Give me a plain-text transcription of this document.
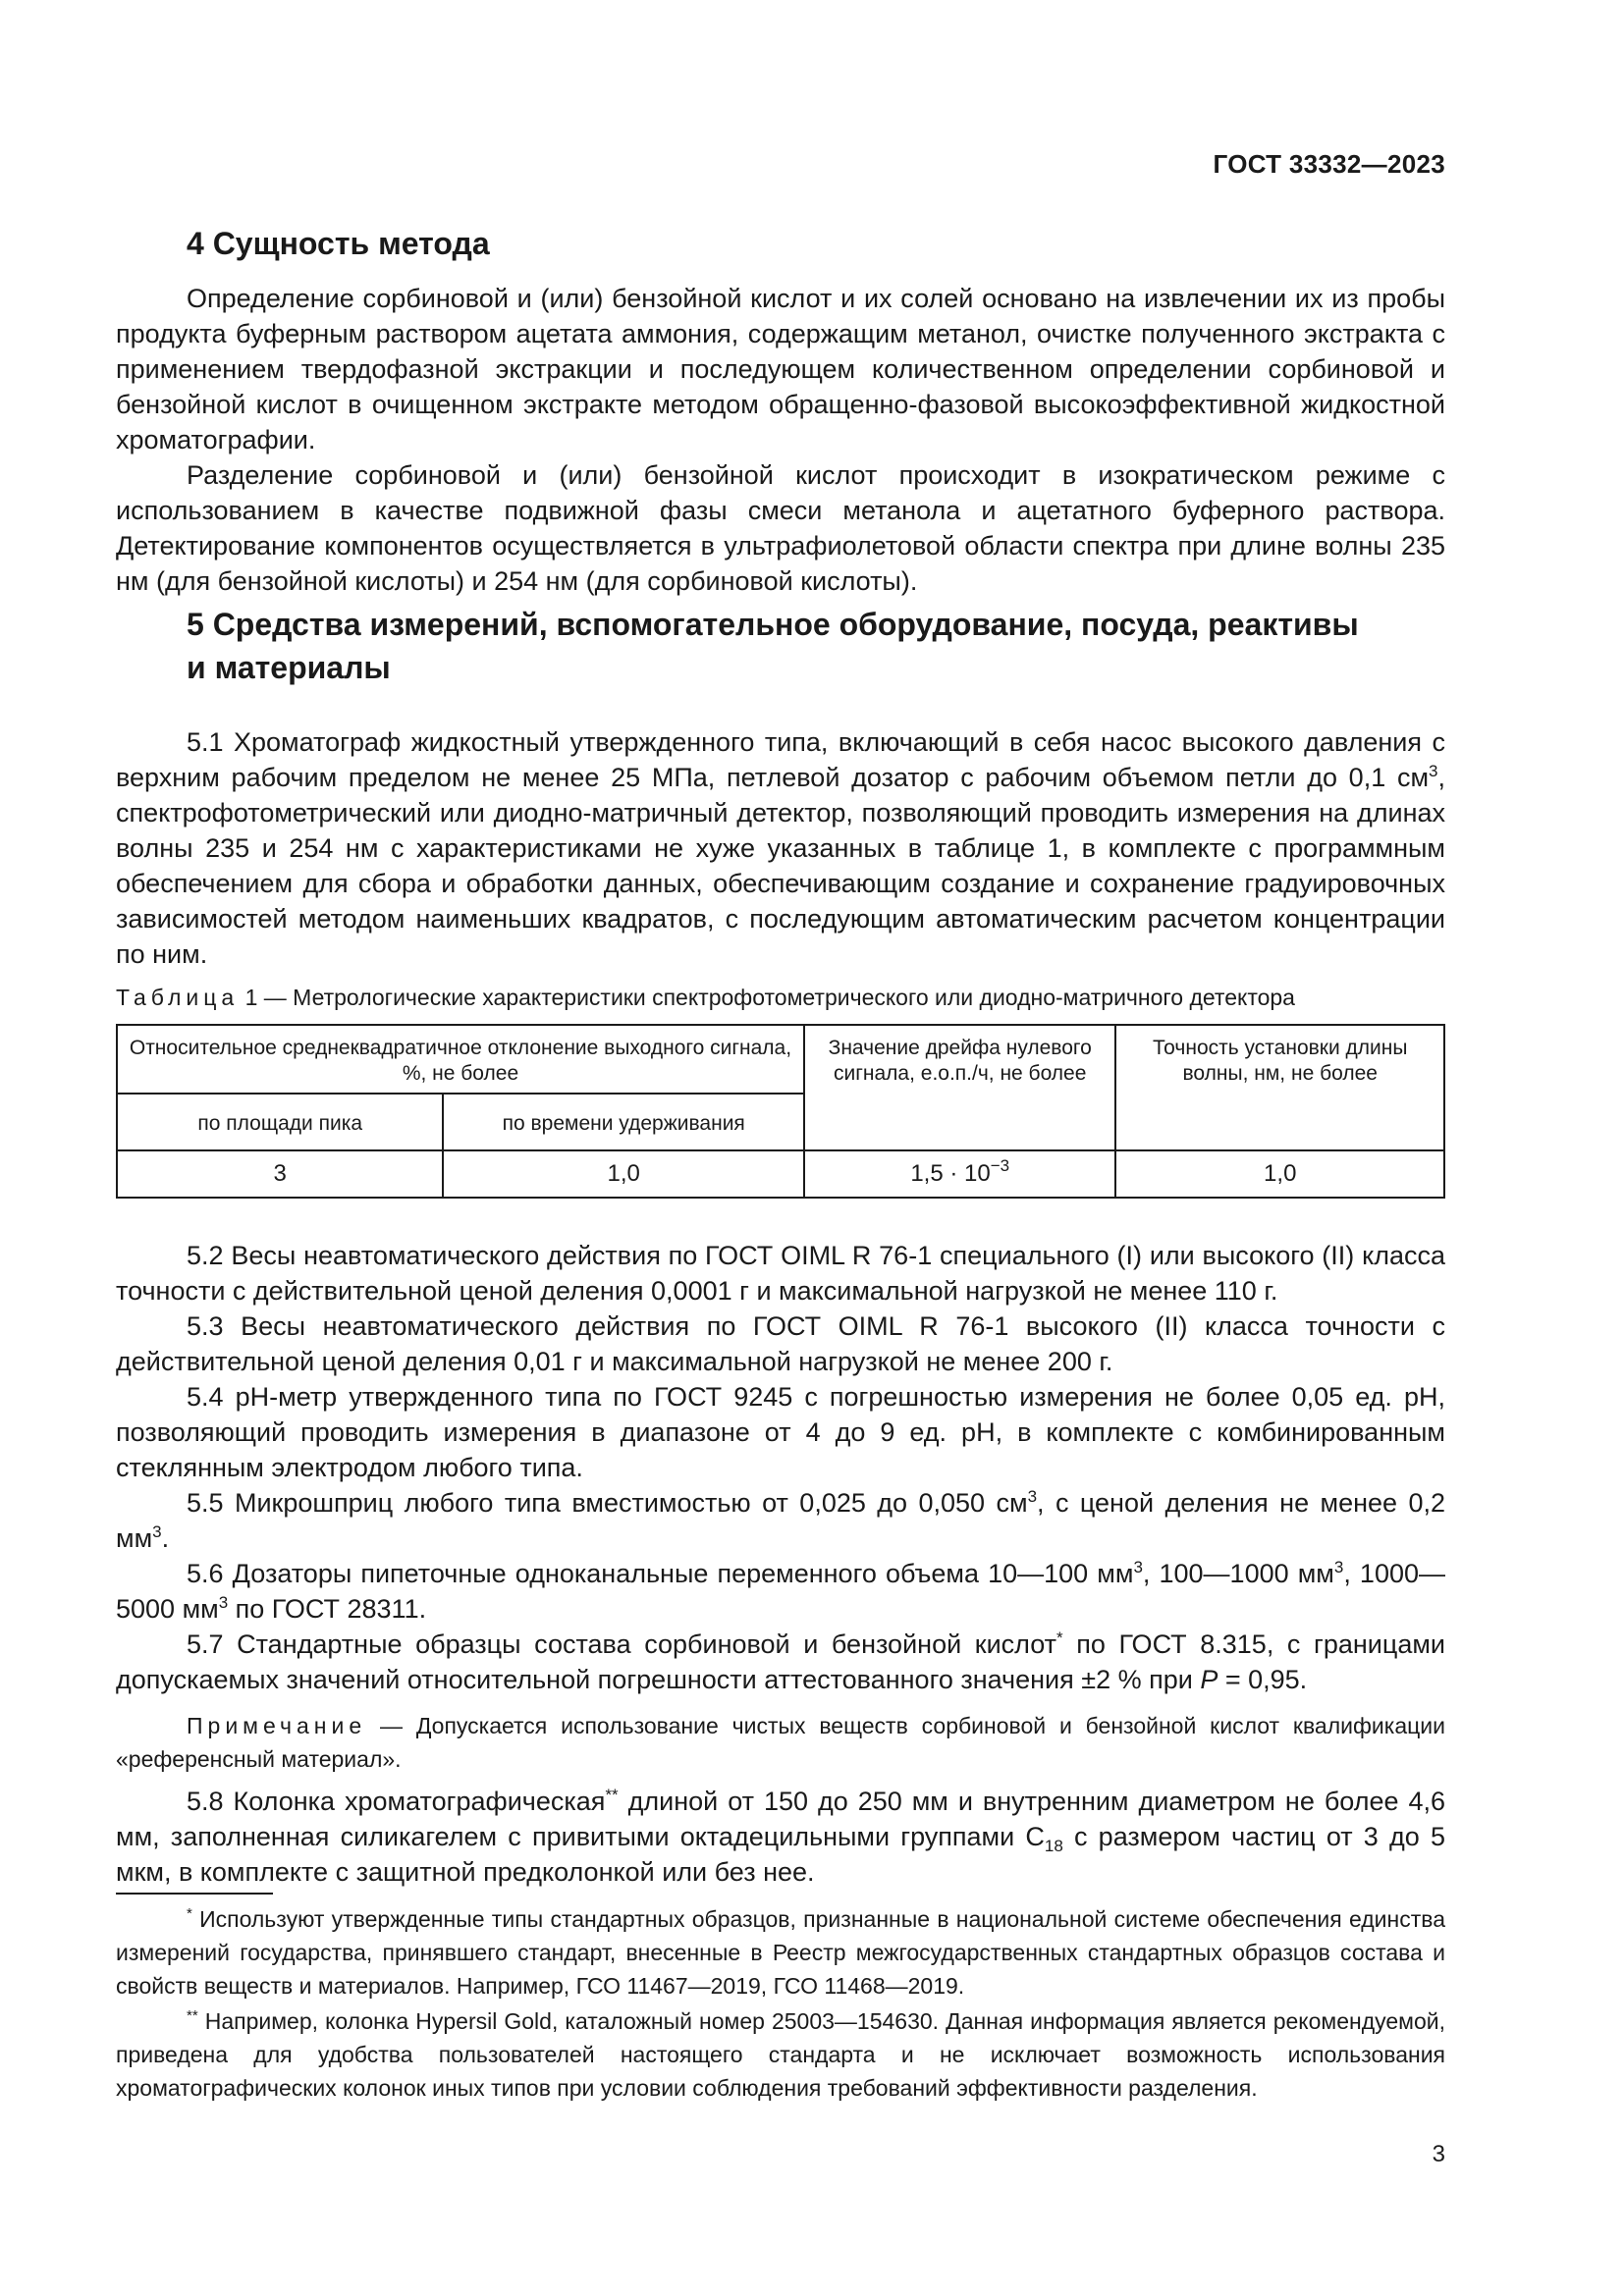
ГОСТ 33332—2023
4 Сущность метода

Определение сорбиновой и (или) бензойной кислот и их солей основано на извлечении их из пробы продукта буферным раствором ацетата аммония, содержащим метанол, очистке полученного экстракта с применением твердофазной экстракции и последующем количественном определении сорбиновой и бензойной кислот в очищенном экстракте методом обращенно-фазовой высокоэффективной жидкостной хроматографии.

Разделение сорбиновой и (или) бензойной кислот происходит в изократическом режиме с использованием в качестве подвижной фазы смеси метанола и ацетатного буферного раствора. Детектирование компонентов осуществляется в ультрафиолетовой области спектра при длине волны 235 нм (для бензойной кислоты) и 254 нм (для сорбиновой кислоты).

5 Средства измерений, вспомогательное оборудование, посуда, реактивы
и материалы

5.1 Хроматограф жидкостный утвержденного типа, включающий в себя насос высокого давления с верхним рабочим пределом не менее 25 МПа, петлевой дозатор с рабочим объемом петли до 0,1 $см^3$, спектрофотометрический или диодно-матричный детектор, позволяющий проводить измерения на длинах волны 235 и 254 нм с характеристиками не хуже указанных в таблице 1, в комплекте с программным обеспечением для сбора и обработки данных, обеспечивающим создание и сохранение градуировочных зависимостей методом наименьших квадратов, с последующим автоматическим расчетом концентрации по ним.

Таблица 1 — Метрологические характеристики спектрофотометрического или диодно-матричного детектора
Относительное среднеквадратичное отклонение выходного сигнала, %, не более		Значение дрейфа нулевого сигнала, е.о.п./ч, не более	Точность установки длины волны, нм, не более
по площади пика	по времени удерживания		
3	1,0	$1,5 \cdot 10^{-3}$	1,0

5.2 Весы неавтоматического действия по ГОСТ OIML R 76-1 специального (I) или высокого (II) класса точности с действительной ценой деления 0,0001 г и максимальной нагрузкой не менее 110 г.

5.3 Весы неавтоматического действия по ГОСТ OIML R 76-1 высокого (II) класса точности с действительной ценой деления 0,01 г и максимальной нагрузкой не менее 200 г.

5.4 pH-метр утвержденного типа по ГОСТ 9245 с погрешностью измерения не более 0,05 ед. pH, позволяющий проводить измерения в диапазоне от 4 до 9 ед. pH, в комплекте с комбинированным стеклянным электродом любого типа.

5.5 Микрошприц любого типа вместимостью от 0,025 до 0,050 $см^3$, с ценой деления не менее 0,2 $мм^3$.

5.6 Дозаторы пипеточные одноканальные переменного объема 10—100 $мм^3$, 100—1000 $мм^3$, 1000—5000 $мм^3$ по ГОСТ 28311.

5.7 Стандартные образцы состава сорбиновой и бензойной кислот* по ГОСТ 8.315, с границами допускаемых значений относительной погрешности аттестованного значения ±2 % при P = 0,95.

Примечание — Допускается использование чистых веществ сорбиновой и бензойной кислот квалификации «референсный материал».

5.8 Колонка хроматографическая** длиной от 150 до 250 мм и внутренним диаметром не более 4,6 мм, заполненная силикагелем с привитыми октадецильными группами $С_{18}$ с размером частиц от 3 до 5 мкм, в комплекте с защитной предколонкой или без нее.

* Используют утвержденные типы стандартных образцов, признанные в национальной системе обеспечения единства измерений государства, принявшего стандарт, внесенные в Реестр межгосударственных стандартных образцов состава и свойств веществ и материалов. Например, ГСО 11467—2019, ГСО 11468—2019.

** Например, колонка Hypersil Gold, каталожный номер 25003—154630. Данная информация является рекомендуемой, приведена для удобства пользователей настоящего стандарта и не исключает возможность использования хроматографических колонок иных типов при условии соблюдения требований эффективности разделения.

3
